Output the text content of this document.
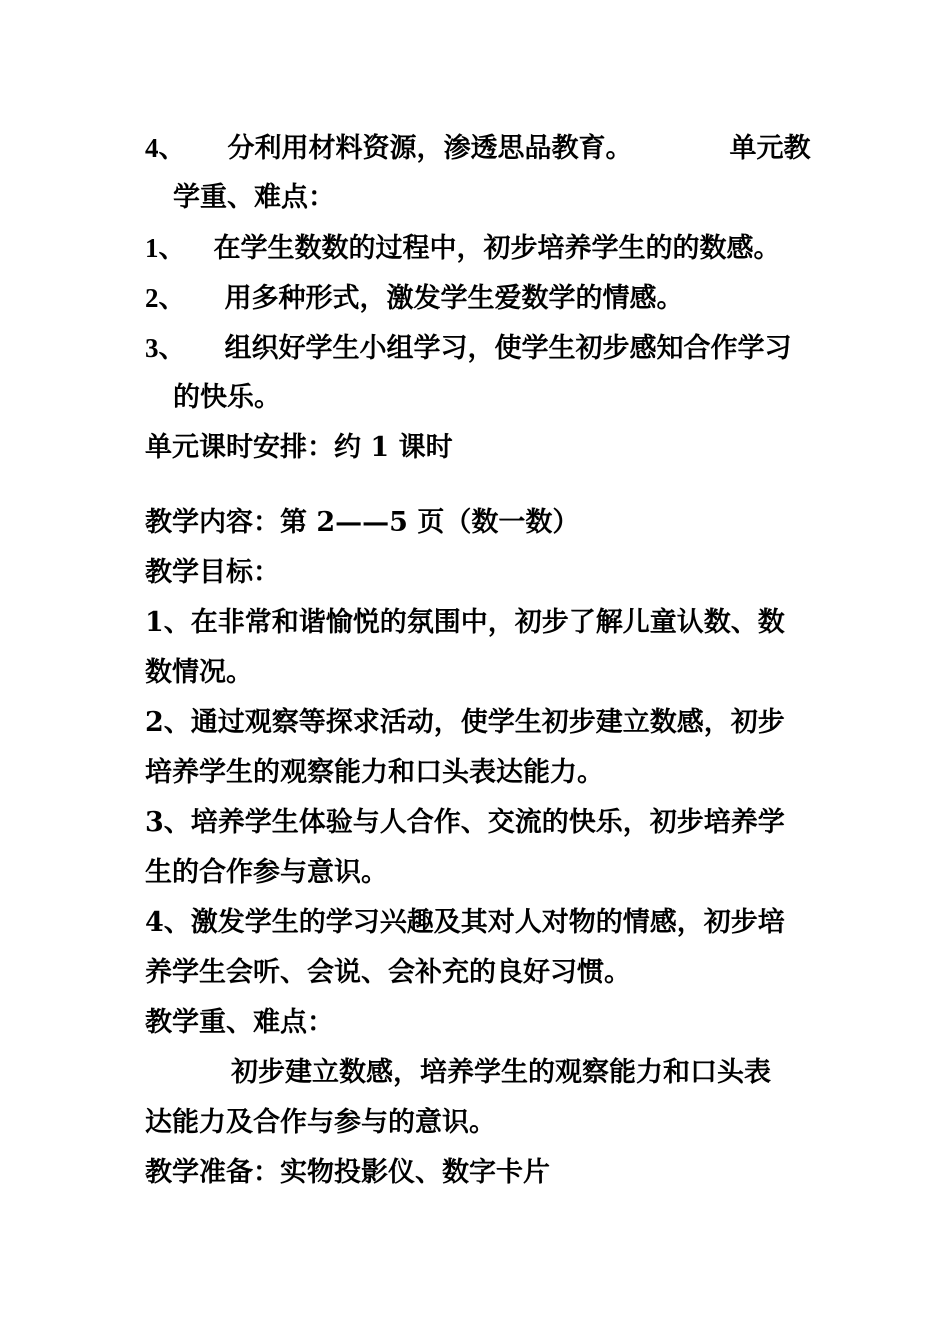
4、 分利用材料资源，渗透思品教育。	单元教
学重、难点：
1、 在学生数数的过程中，初步培养学生的的数感。
2、 用多种形式，激发学生爱数学的情感。
3、 组织好学生小组学习，使学生初步感知合作学习
的快乐。
单元课时安排：约 1 课时
教学内容：第 2——5 页（数一数）
教学目标：
1、在非常和谐愉悦的氛围中，初步了解儿童认数、数
数情况。
2、通过观察等探求活动，使学生初步建立数感，初步
培养学生的观察能力和口头表达能力。
3、培养学生体验与人合作、交流的快乐，初步培养学
生的合作参与意识。
4、激发学生的学习兴趣及其对人对物的情感，初步培
养学生会听、会说、会补充的良好习惯。
教学重、难点：
初步建立数感，培养学生的观察能力和口头表
达能力及合作与参与的意识。
教学准备：实物投影仪、数字卡片
